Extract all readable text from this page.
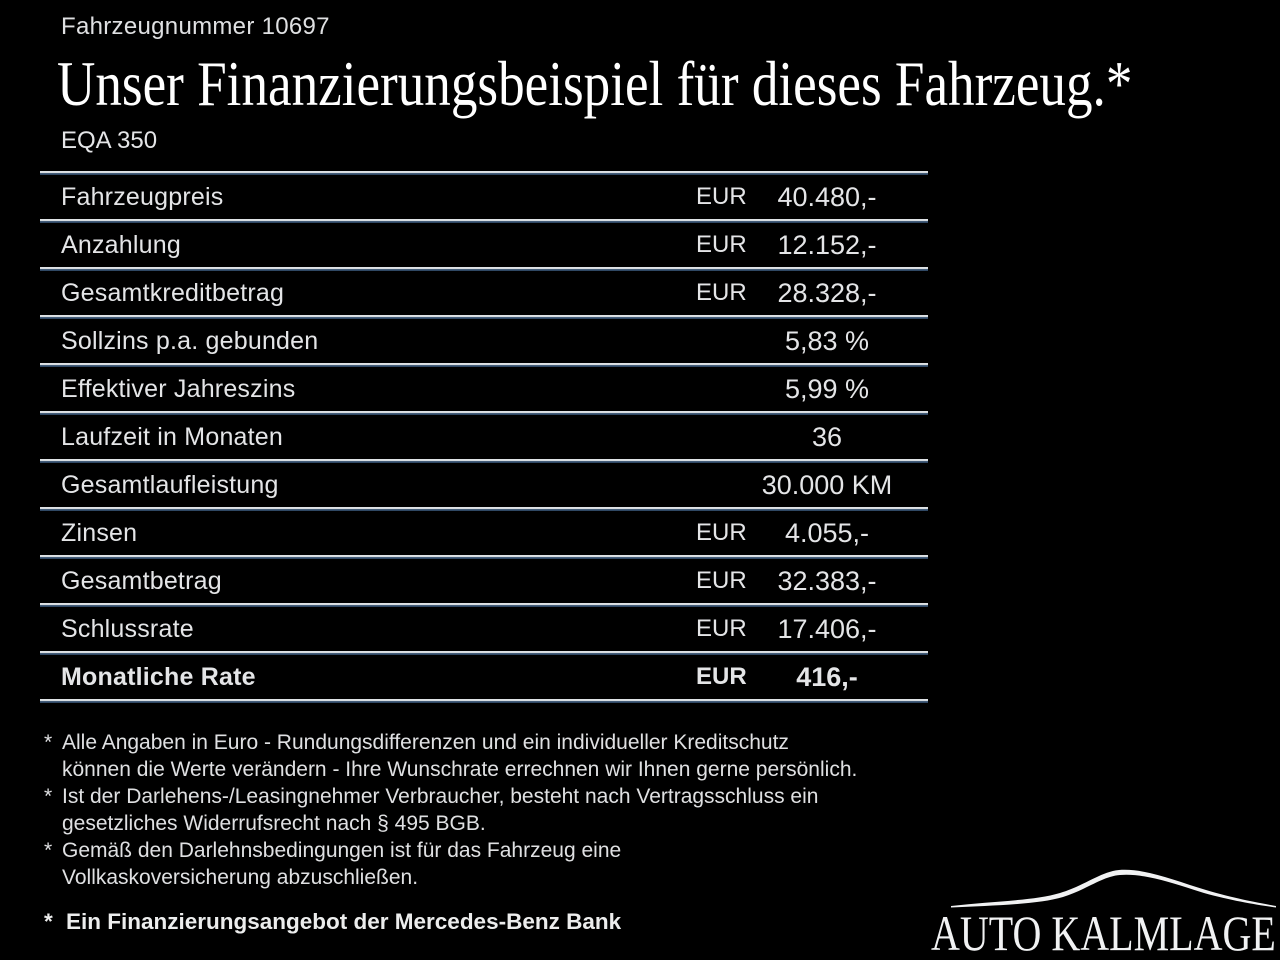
Fahrzeugnummer 10697
Unser Finanzierungsbeispiel für dieses Fahrzeug.*
EQA 350
Fahrzeugpreis	EUR	40.480,-
Anzahlung	EUR	12.152,-
Gesamtkreditbetrag	EUR	28.328,-
Sollzins p.a. gebunden	5,83 %
Effektiver Jahreszins	5,99 %
Laufzeit in Monaten	36
Gesamtlaufleistung	30.000 KM
Zinsen	EUR	4.055,-
Gesamtbetrag	EUR	32.383,-
Schlussrate	EUR	17.406,-
Monatliche Rate	EUR	416,-
* Alle Angaben in Euro - Rundungsdifferenzen und ein individueller Kreditschutz
können die Werte verändern - Ihre Wunschrate errechnen wir Ihnen gerne persönlich.
* Ist der Darlehens-/Leasingnehmer Verbraucher, besteht nach Vertragsschluss ein
gesetzliches Widerrufsrecht nach § 495 BGB.
* Gemäß den Darlehnsbedingungen ist für das Fahrzeug eine
Vollkaskoversicherung abzuschließen.
* Ein Finanzierungsangebot der Mercedes-Benz Bank	AUTO KALMLAGE
